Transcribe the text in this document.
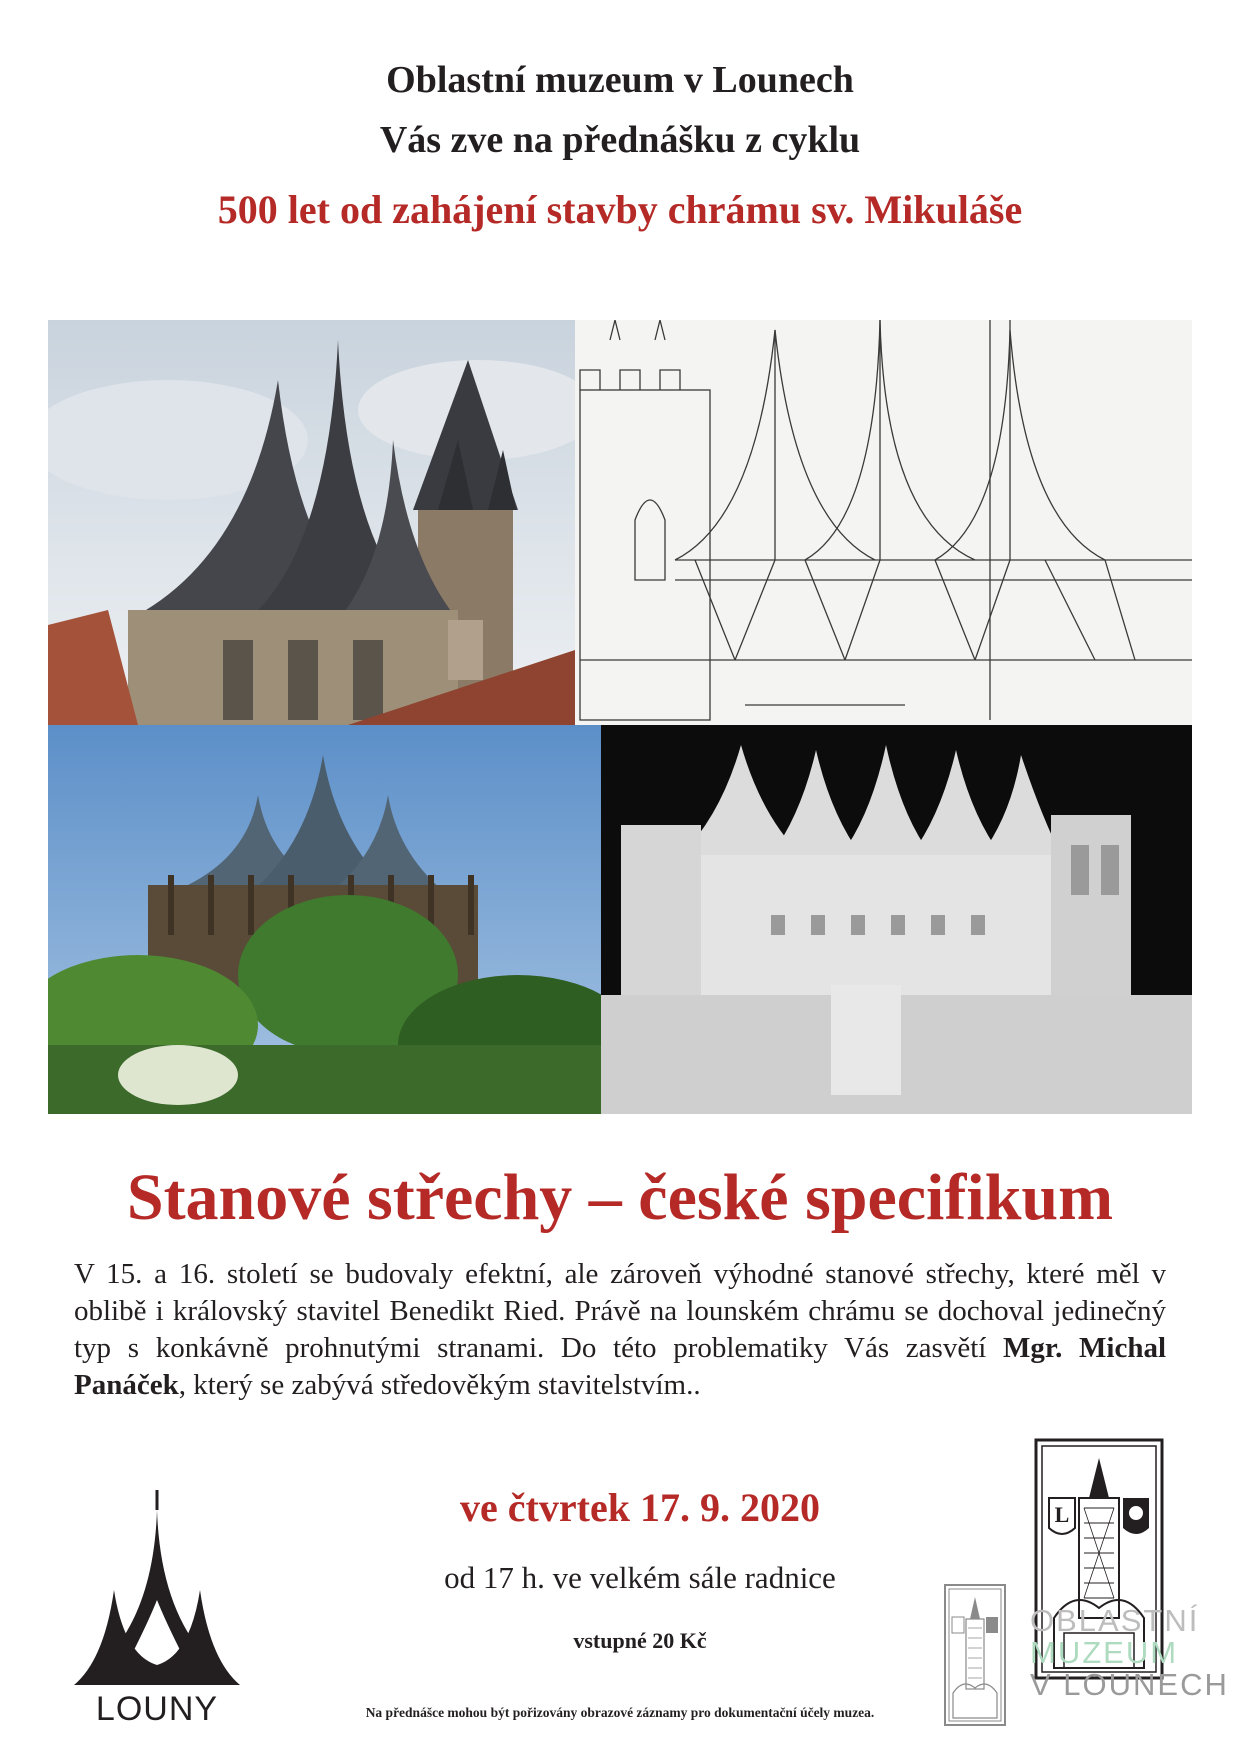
Oblastní muzeum v Lounech
Vás zve na přednášku z cyklu
500 let od zahájení stavby chrámu sv. Mikuláše
Stanové střechy – české specifikum
V 15. a 16. století se budovaly efektní, ale zároveň výhodné stanové střechy, které měl v oblibě i královský stavitel Benedikt Ried. Právě na lounském chrámu se dochoval jedinečný typ s konkávně prohnutými stranami. Do této problematiky Vás zasvětí Mgr. Michal Panáček, který se zabývá středověkým stavitelstvím..
ve čtvrtek 17. 9. 2020
od 17 h. ve velkém sále radnice
vstupné 20 Kč
Na přednášce mohou být pořizovány obrazové záznamy pro dokumentační účely muzea.
LOUNY
L
OBLASTNÍ
MUZEUM
V LOUNECH
